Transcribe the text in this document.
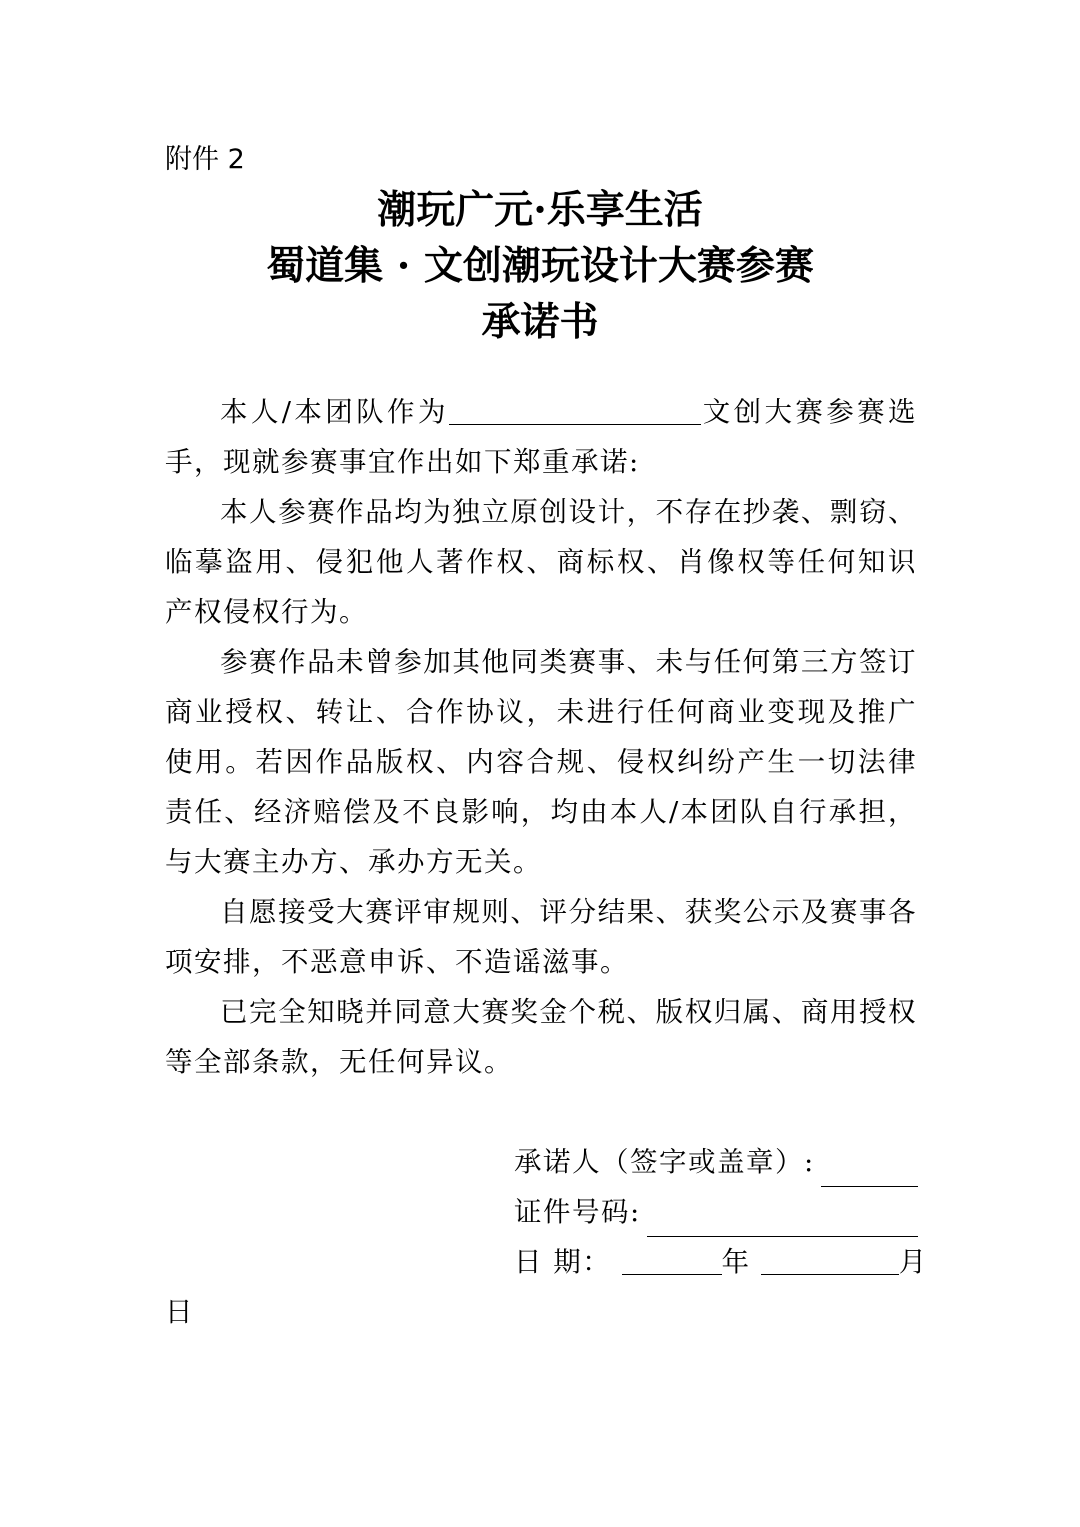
附件 2
潮玩广元·乐享生活
蜀道集 · 文创潮玩设计大赛参赛
承诺书

本人/本团队作为	文创大赛参赛选手，现就参赛事宜作出如下郑重承诺:

本人参赛作品均为独立原创设计，不存在抄袭、剽窃、临摹盗用、侵犯他人著作权、商标权、肖像权等任何知识产权侵权行为。

参赛作品未曾参加其他同类赛事、未与任何第三方签订商业授权、转让、合作协议，未进行任何商业变现及推广使用。若因作品版权、内容合规、侵权纠纷产生一切法律责任、经济赔偿及不良影响，均由本人/本团队自行承担，与大赛主办方、承办方无关。

自愿接受大赛评审规则、评分结果、获奖公示及赛事各项安排，不恶意申诉、不造谣滋事。

已完全知晓并同意大赛奖金个税、版权归属、商用授权等全部条款，无任何异议。

承诺人（签字或盖章）:
证件号码:
日 期：	年	月
日
